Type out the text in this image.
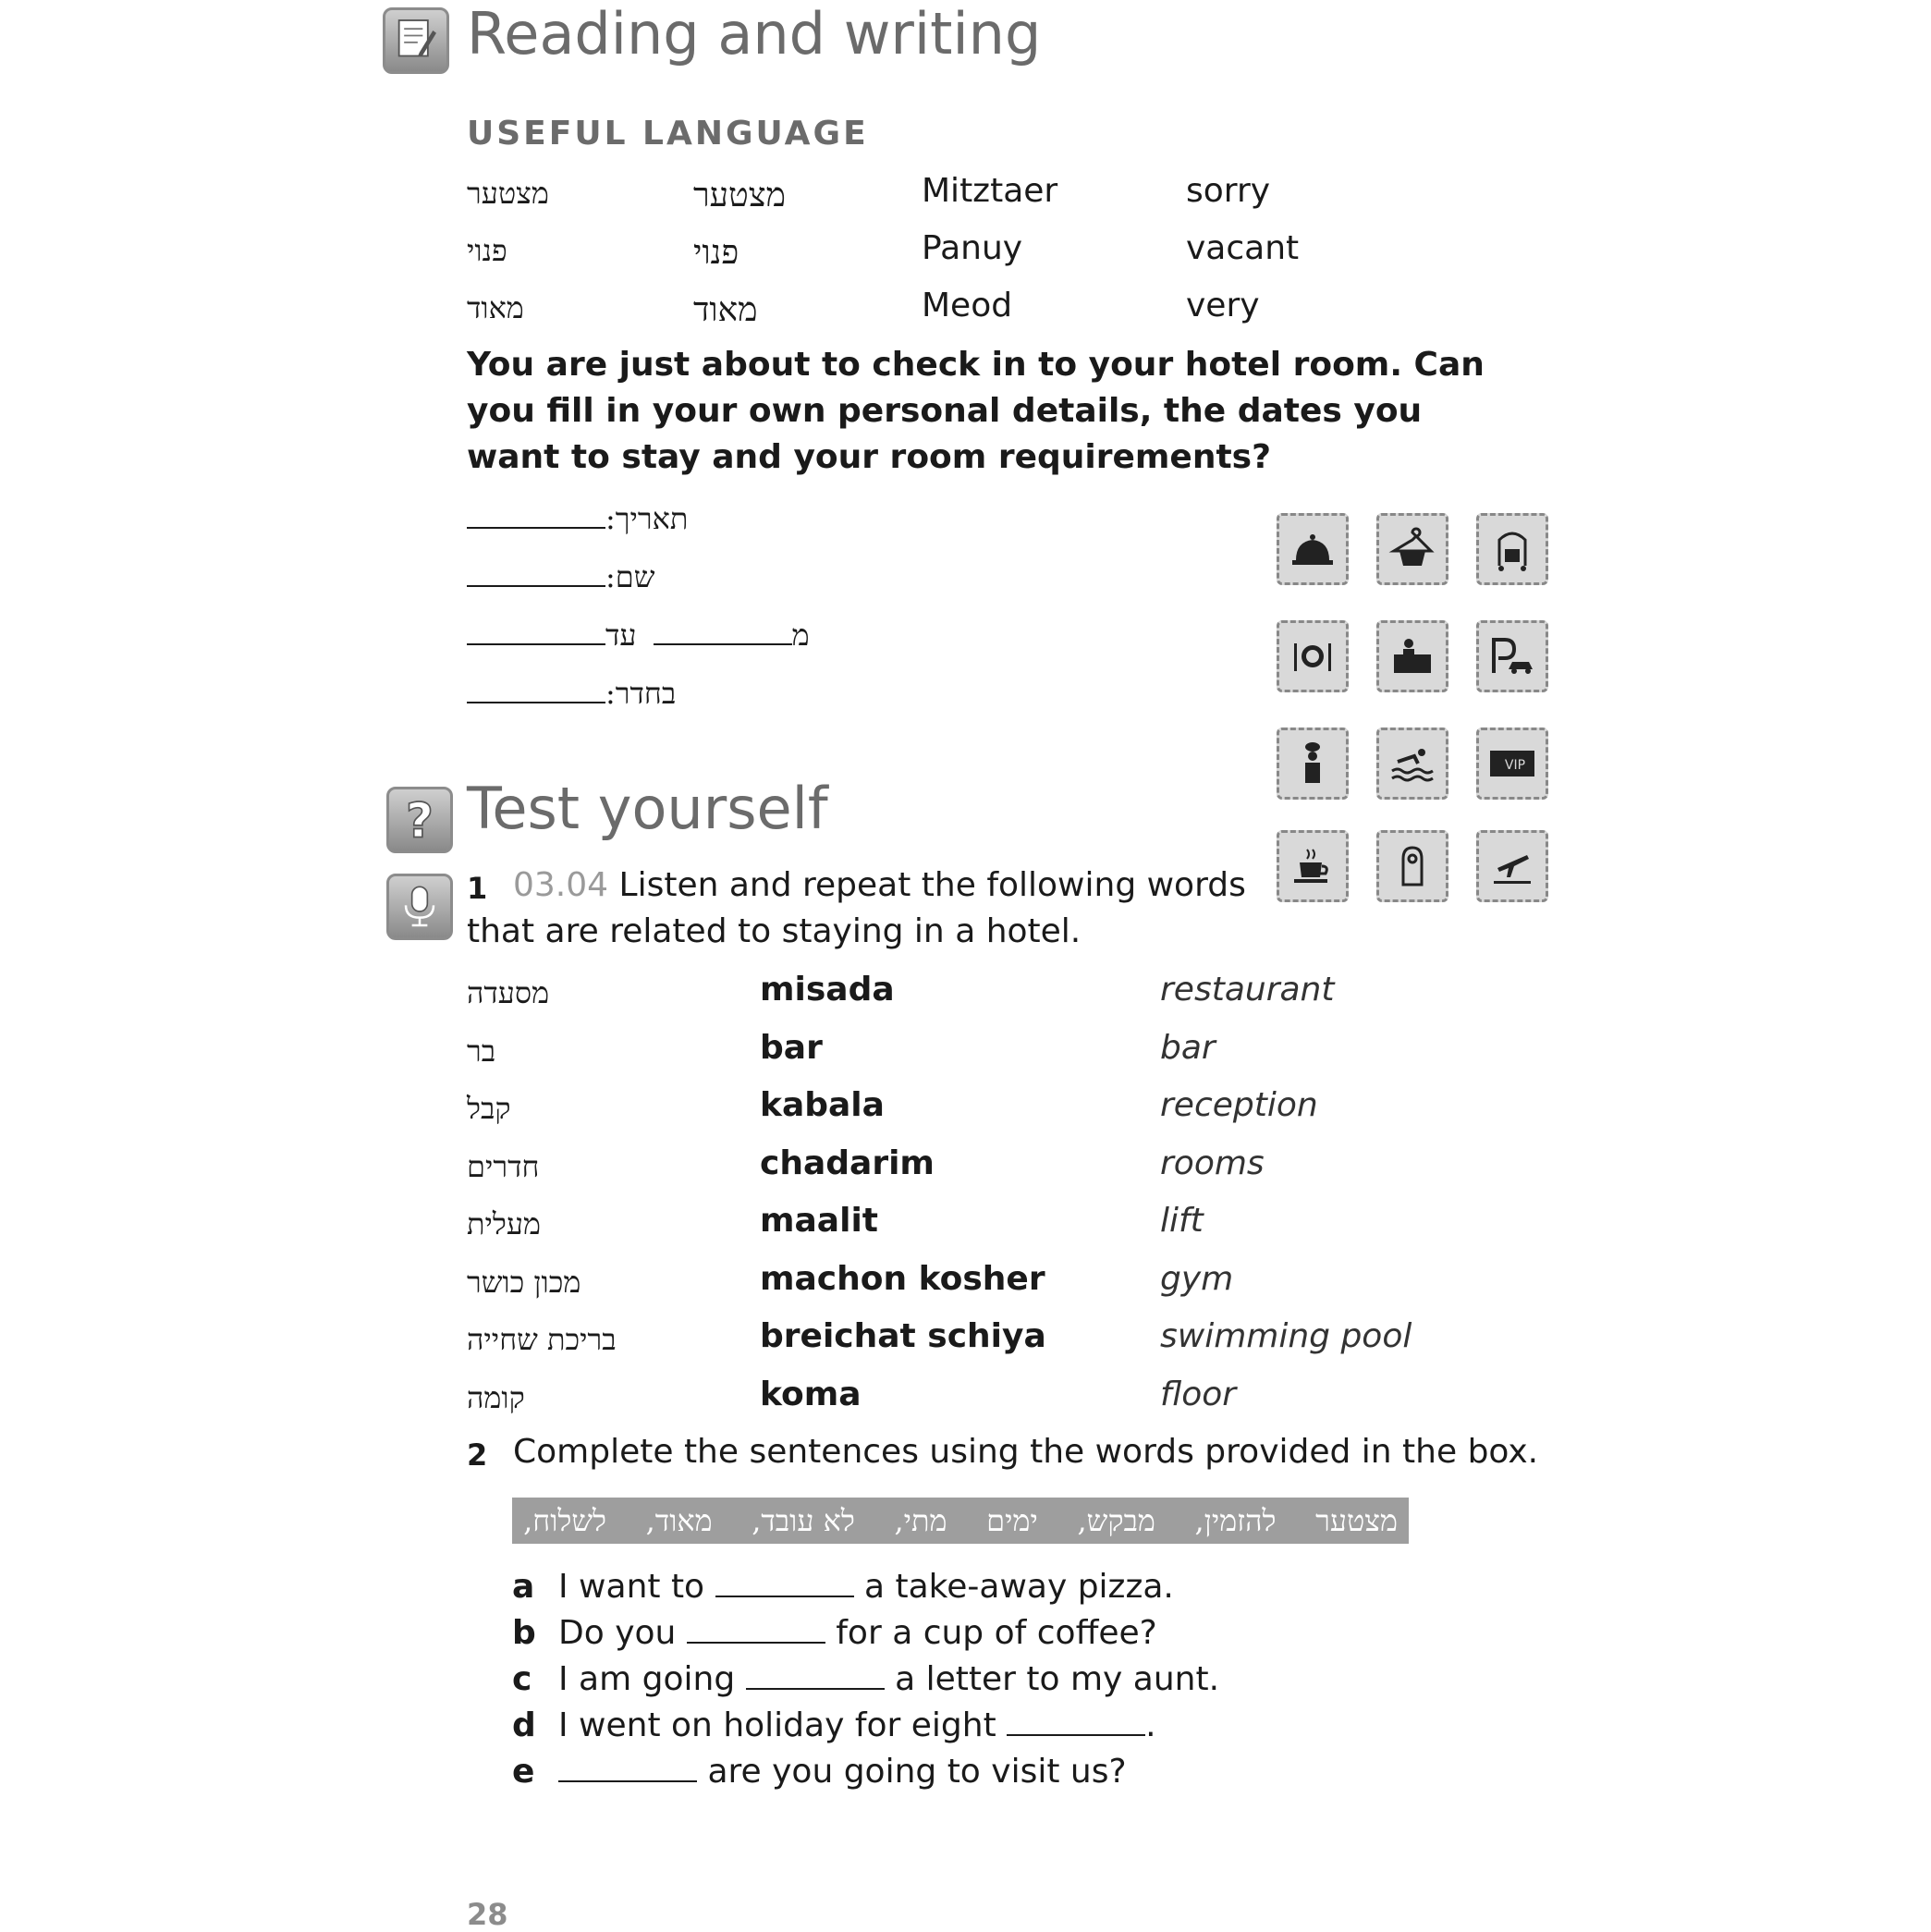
Reading and writing
USEFUL LANGUAGE
מצטער	מצטער	Mitztaer	sorry
פנוי	פנוי	Panuy	vacant
מאוד	מאוד	Meod	very
You are just about to check in to your hotel room. Can you fill in your own personal details, the dates you want to stay and your room requirements?
תאריך:
שם:
עד	מ
בחדר:
VIP
? Test yourself
1 03.04 Listen and repeat the following words that are related to staying in a hotel.
מסעדה	misada	restaurant
בר	bar	bar
קבל	kabala	reception
חדרים	chadarim	rooms
מעלית	maalit	lift
מכון כושר	machon kosher	gym
בריכת שחייה	breichat schiya	swimming pool
קומה	koma	floor
2 Complete the sentences using the words provided in the box.
מצטער
להזמין,
מבקש,
ימים
מתי,
לא עובד,
מאוד,
לשלוח,
a I want to	a take-away pizza.
b Do you	for a cup of coffee?
c I am going	a letter to my aunt.
d I went on holiday for eight	.
e	are you going to visit us?
28
